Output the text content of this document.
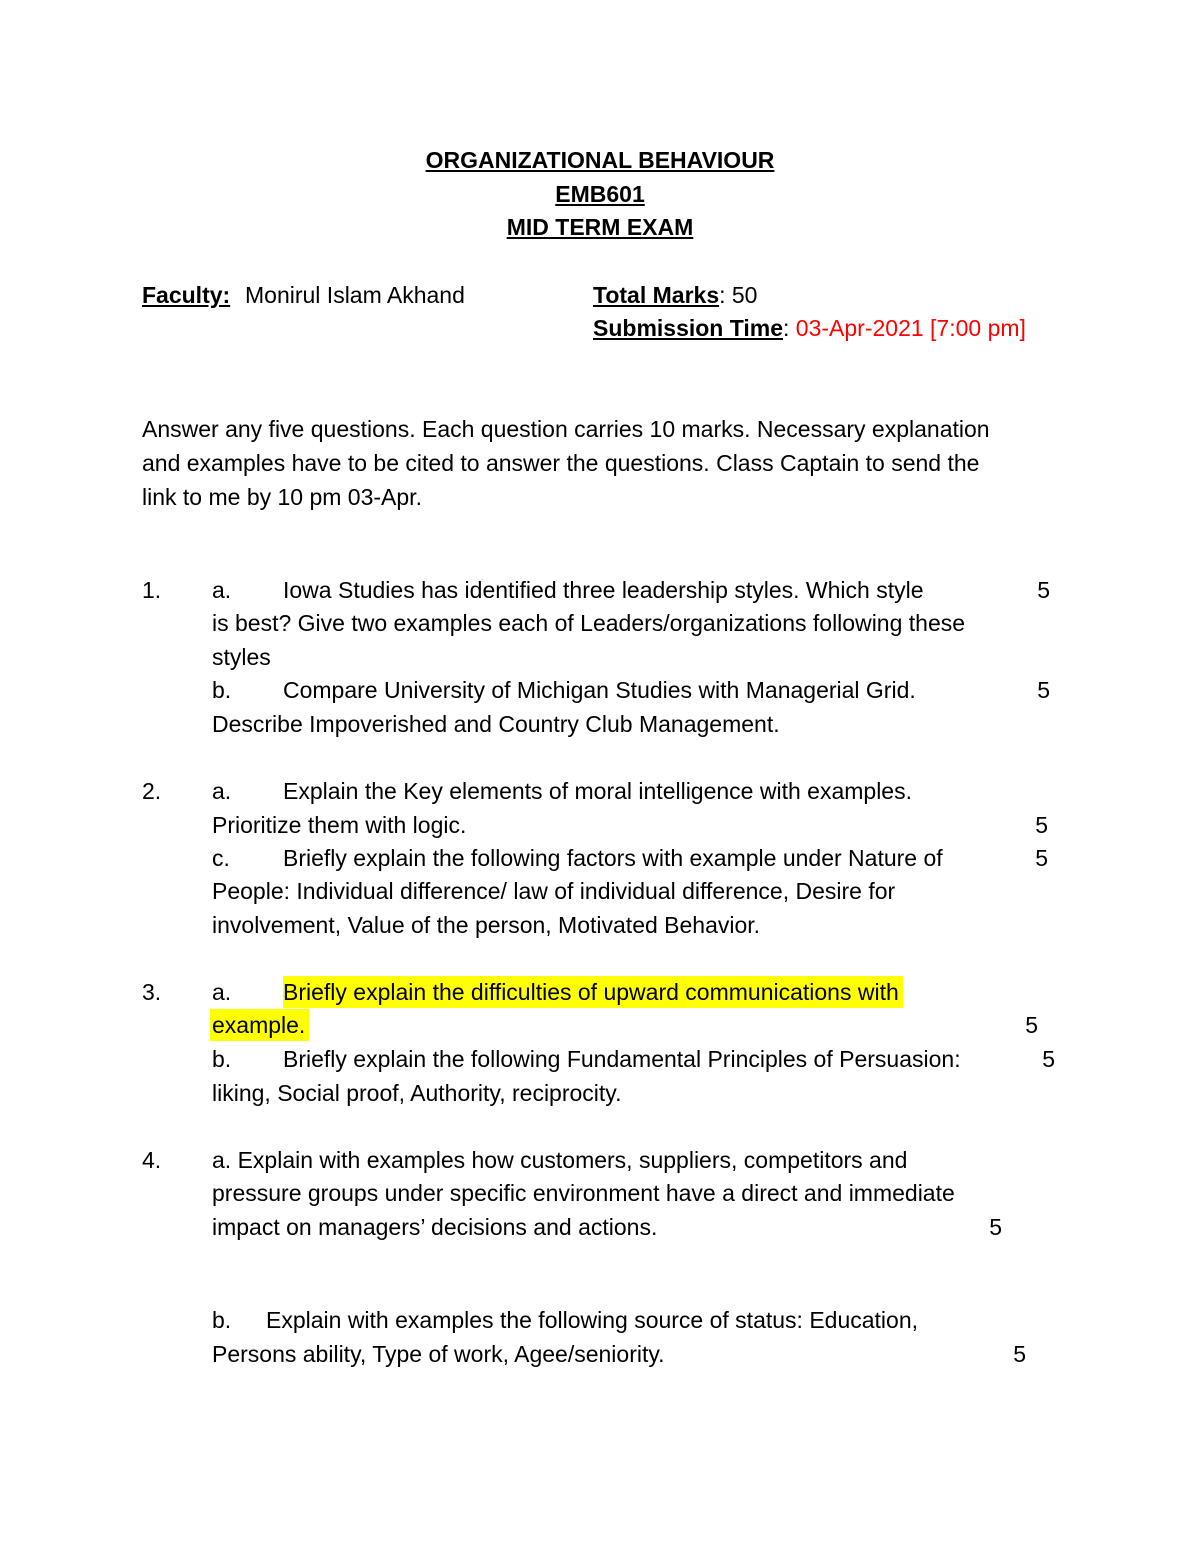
ORGANIZATIONAL BEHAVIOUR
EMB601
MID TERM EXAM
Faculty: Monirul Islam Akhand	Total Marks: 50
Submission Time: 03-Apr-2021 [7:00 pm]
Answer any five questions. Each question carries 10 marks. Necessary explanation
and examples have to be cited to answer the questions. Class Captain to send the
link to me by 10 pm 03-Apr.
1. a. Iowa Studies has identified three leadership styles. Which style	5
is best? Give two examples each of Leaders/organizations following these
styles
b. Compare University of Michigan Studies with Managerial Grid.	5
Describe Impoverished and Country Club Management.
2. a. Explain the Key elements of moral intelligence with examples.
Prioritize them with logic.	5
c. Briefly explain the following factors with example under Nature of	5
People: Individual difference/ law of individual difference, Desire for
involvement, Value of the person, Motivated Behavior.
3. a. Briefly explain the difficulties of upward communications with
example.	5
b. Briefly explain the following Fundamental Principles of Persuasion:	5
liking, Social proof, Authority, reciprocity.
4. a. Explain with examples how customers, suppliers, competitors and
pressure groups under specific environment have a direct and immediate
impact on managers’ decisions and actions.	5
b. Explain with examples the following source of status: Education,
Persons ability, Type of work, Agee/seniority.	5
